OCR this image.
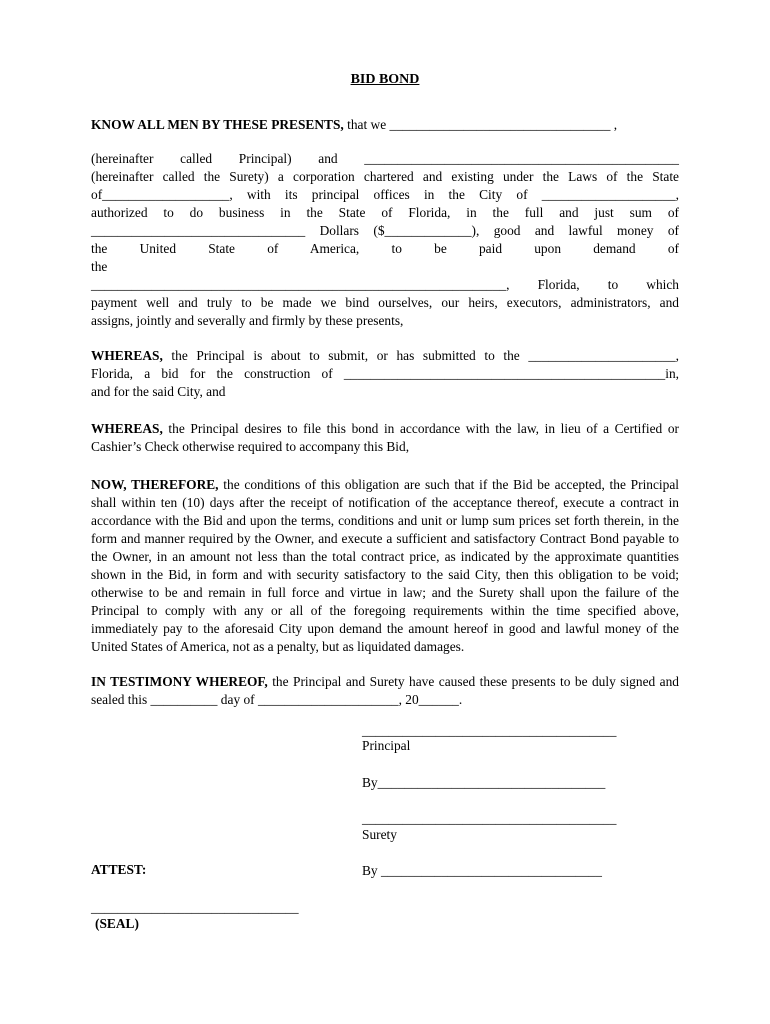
BID BOND

KNOW ALL MEN BY THESE PRESENTS, that we _________________________________ ,

(hereinafter called Principal) and _______________________________________________

(hereinafter called the Surety) a corporation chartered and existing under the Laws of the State

of___________________, with its principal offices in the City of ____________________,

authorized to do business in the State of Florida, in the full and just sum of

________________________________ Dollars ($_____________), good and lawful money of

the United State of America, to be paid upon demand of the

______________________________________________________________, Florida, to which

payment well and truly to be made we bind ourselves, our heirs, executors, administrators, and

assigns, jointly and severally and firmly by these presents,

WHEREAS, the Principal is about to submit, or has submitted to the ______________________,

Florida, a bid for the construction of ________________________________________________in,

and for the said City, and

WHEREAS, the Principal desires to file this bond in accordance with the law, in lieu of a Certified or Cashier’s Check otherwise required to accompany this Bid,

NOW, THEREFORE, the conditions of this obligation are such that if the Bid be accepted, the Principal shall within ten (10) days after the receipt of notification of the acceptance thereof, execute a contract in accordance with the Bid and upon the terms, conditions and unit or lump sum prices set forth therein, in the form and manner required by the Owner, and execute a sufficient and satisfactory Contract Bond payable to the Owner, in an amount not less than the total contract price, as indicated by the approximate quantities shown in the Bid, in form and with security satisfactory to the said City, then this obligation to be void; otherwise to be and remain in full force and virtue in law; and the Surety shall upon the failure of the Principal to comply with any or all of the foregoing requirements within the time specified above, immediately pay to the aforesaid City upon demand the amount hereof in good and lawful money of the United States of America, not as a penalty, but as liquidated damages.

IN TESTIMONY WHEREOF, the Principal and Surety have caused these presents to be duly signed and sealed this __________ day of _____________________, 20______.

______________________________________
Principal
By__________________________________
______________________________________
Surety
By _________________________________
ATTEST:
_______________________________
(SEAL)
